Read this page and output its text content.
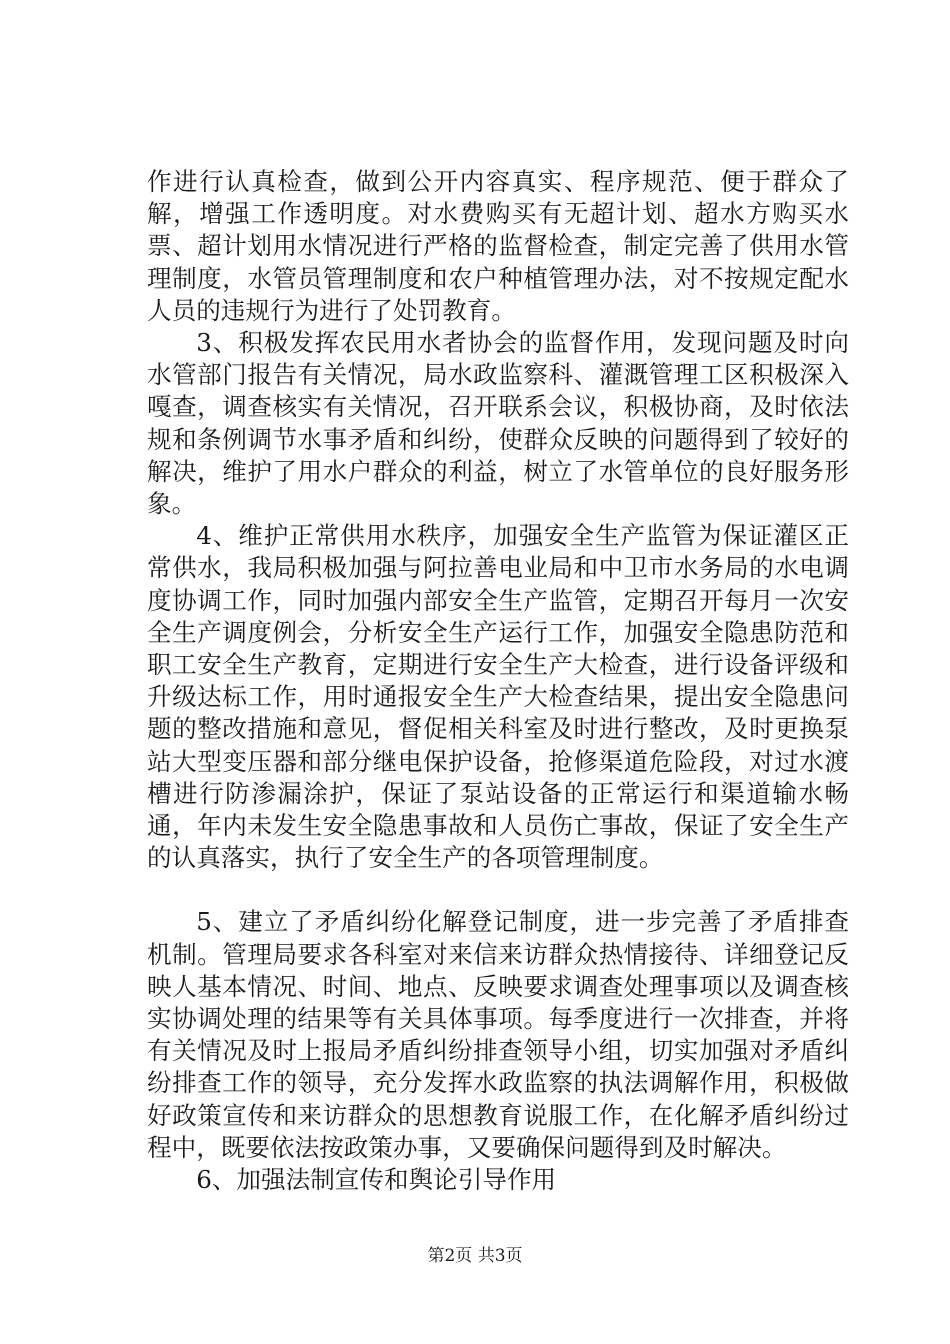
作进行认真检查，做到公开内容真实、程序规范、便于群众了解，增强工作透明度。对水费购买有无超计划、超水方购买水票、超计划用水情况进行严格的监督检查，制定完善了供用水管理制度，水管员管理制度和农户种植管理办法，对不按规定配水人员的违规行为进行了处罚教育。

3、积极发挥农民用水者协会的监督作用，发现问题及时向水管部门报告有关情况，局水政监察科、灌溉管理工区积极深入嘎查，调查核实有关情况，召开联系会议，积极协商，及时依法规和条例调节水事矛盾和纠纷，使群众反映的问题得到了较好的解决，维护了用水户群众的利益，树立了水管单位的良好服务形象。

4、维护正常供用水秩序，加强安全生产监管为保证灌区正常供水，我局积极加强与阿拉善电业局和中卫市水务局的水电调度协调工作，同时加强内部安全生产监管，定期召开每月一次安全生产调度例会，分析安全生产运行工作，加强安全隐患防范和职工安全生产教育，定期进行安全生产大检查，进行设备评级和升级达标工作，用时通报安全生产大检查结果，提出安全隐患问题的整改措施和意见，督促相关科室及时进行整改，及时更换泵站大型变压器和部分继电保护设备，抢修渠道危险段，对过水渡槽进行防渗漏涂护，保证了泵站设备的正常运行和渠道输水畅通，年内未发生安全隐患事故和人员伤亡事故，保证了安全生产的认真落实，执行了安全生产的各项管理制度。

5、建立了矛盾纠纷化解登记制度，进一步完善了矛盾排查机制。管理局要求各科室对来信来访群众热情接待、详细登记反映人基本情况、时间、地点、反映要求调查处理事项以及调查核实协调处理的结果等有关具体事项。每季度进行一次排查，并将有关情况及时上报局矛盾纠纷排查领导小组，切实加强对矛盾纠纷排查工作的领导，充分发挥水政监察的执法调解作用，积极做好政策宣传和来访群众的思想教育说服工作，在化解矛盾纠纷过程中，既要依法按政策办事，又要确保问题得到及时解决。

6、加强法制宣传和舆论引导作用

第2页 共3页
